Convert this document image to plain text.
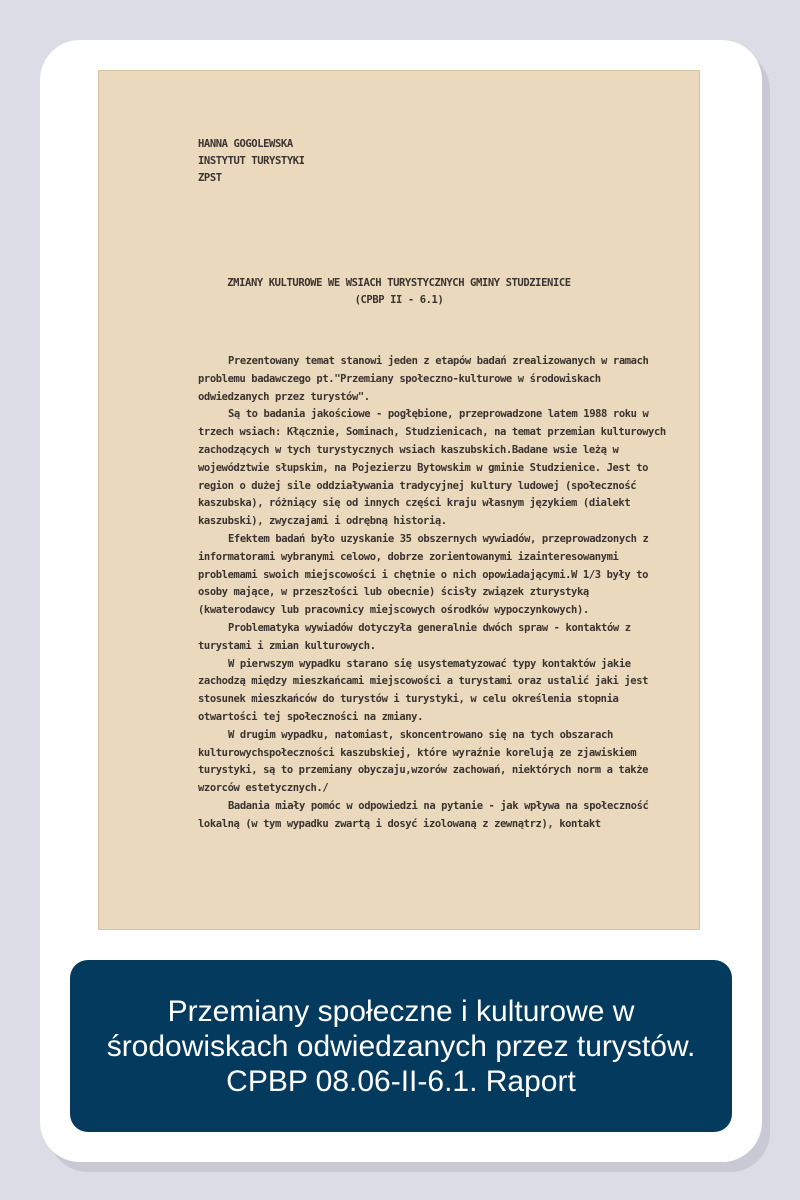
HANNA GOGOLEWSKA
INSTYTUT TURYSTYKI
ZPST
ZMIANY KULTUROWE WE WSIACH TURYSTYCZNYCH GMINY STUDZIENICE
(CPBP II - 6.1)

Prezentowany temat stanowi jeden z etapów badań zrealizowanych w ramach problemu badawczego pt."Przemiany społeczno-kulturowe w środowiskach odwiedzanych przez turystów".

Są to badania jakościowe - pogłębione, przeprowadzone latem 1988 roku w trzech wsiach: Kłącznie, Sominach, Studzienicach, na temat przemian kulturowych zachodzących w tych turystycznych wsiach kaszubskich.Badane wsie leżą w województwie słupskim, na Pojezierzu Bytowskim w gminie Studzienice. Jest to region o dużej sile oddziaływania tradycyjnej kultury ludowej (społeczność kaszubska), różniący się od innych części kraju własnym językiem (dialekt kaszubski), zwyczajami i odrębną historią.

Efektem badań było uzyskanie 35 obszernych wywiadów, przeprowadzonych z informatorami wybranymi celowo, dobrze zorientowanymi izainteresowanymi problemami swoich miejscowości i chętnie o nich opowiadającymi.W 1/3 były to osoby mające, w przeszłości lub obecnie) ścisły związek zturystyką (kwaterodawcy lub pracownicy miejscowych ośrodków wypoczynkowych).

Problematyka wywiadów dotyczyła generalnie dwóch spraw - kontaktów z turystami i zmian kulturowych.

W pierwszym wypadku starano się usystematyzować typy kontaktów jakie zachodzą między mieszkańcami miejscowości a turystami oraz ustalić jaki jest stosunek mieszkańców do turystów i turystyki, w celu określenia stopnia otwartości tej społeczności na zmiany.

W drugim wypadku, natomiast, skoncentrowano się na tych obszarach kulturowychspołeczności kaszubskiej, które wyraźnie korelują ze zjawiskiem turystyki, są to przemiany obyczaju,wzorów zachowań, niektórych norm a także wzorców estetycznych./

Badania miały pomóc w odpowiedzi na pytanie - jak wpływa na społeczność lokalną (w tym wypadku zwartą i dosyć izolowaną z zewnątrz), kontakt

Przemiany społeczne i kulturowe w środowiskach odwiedzanych przez turystów. CPBP 08.06-II-6.1. Raport
